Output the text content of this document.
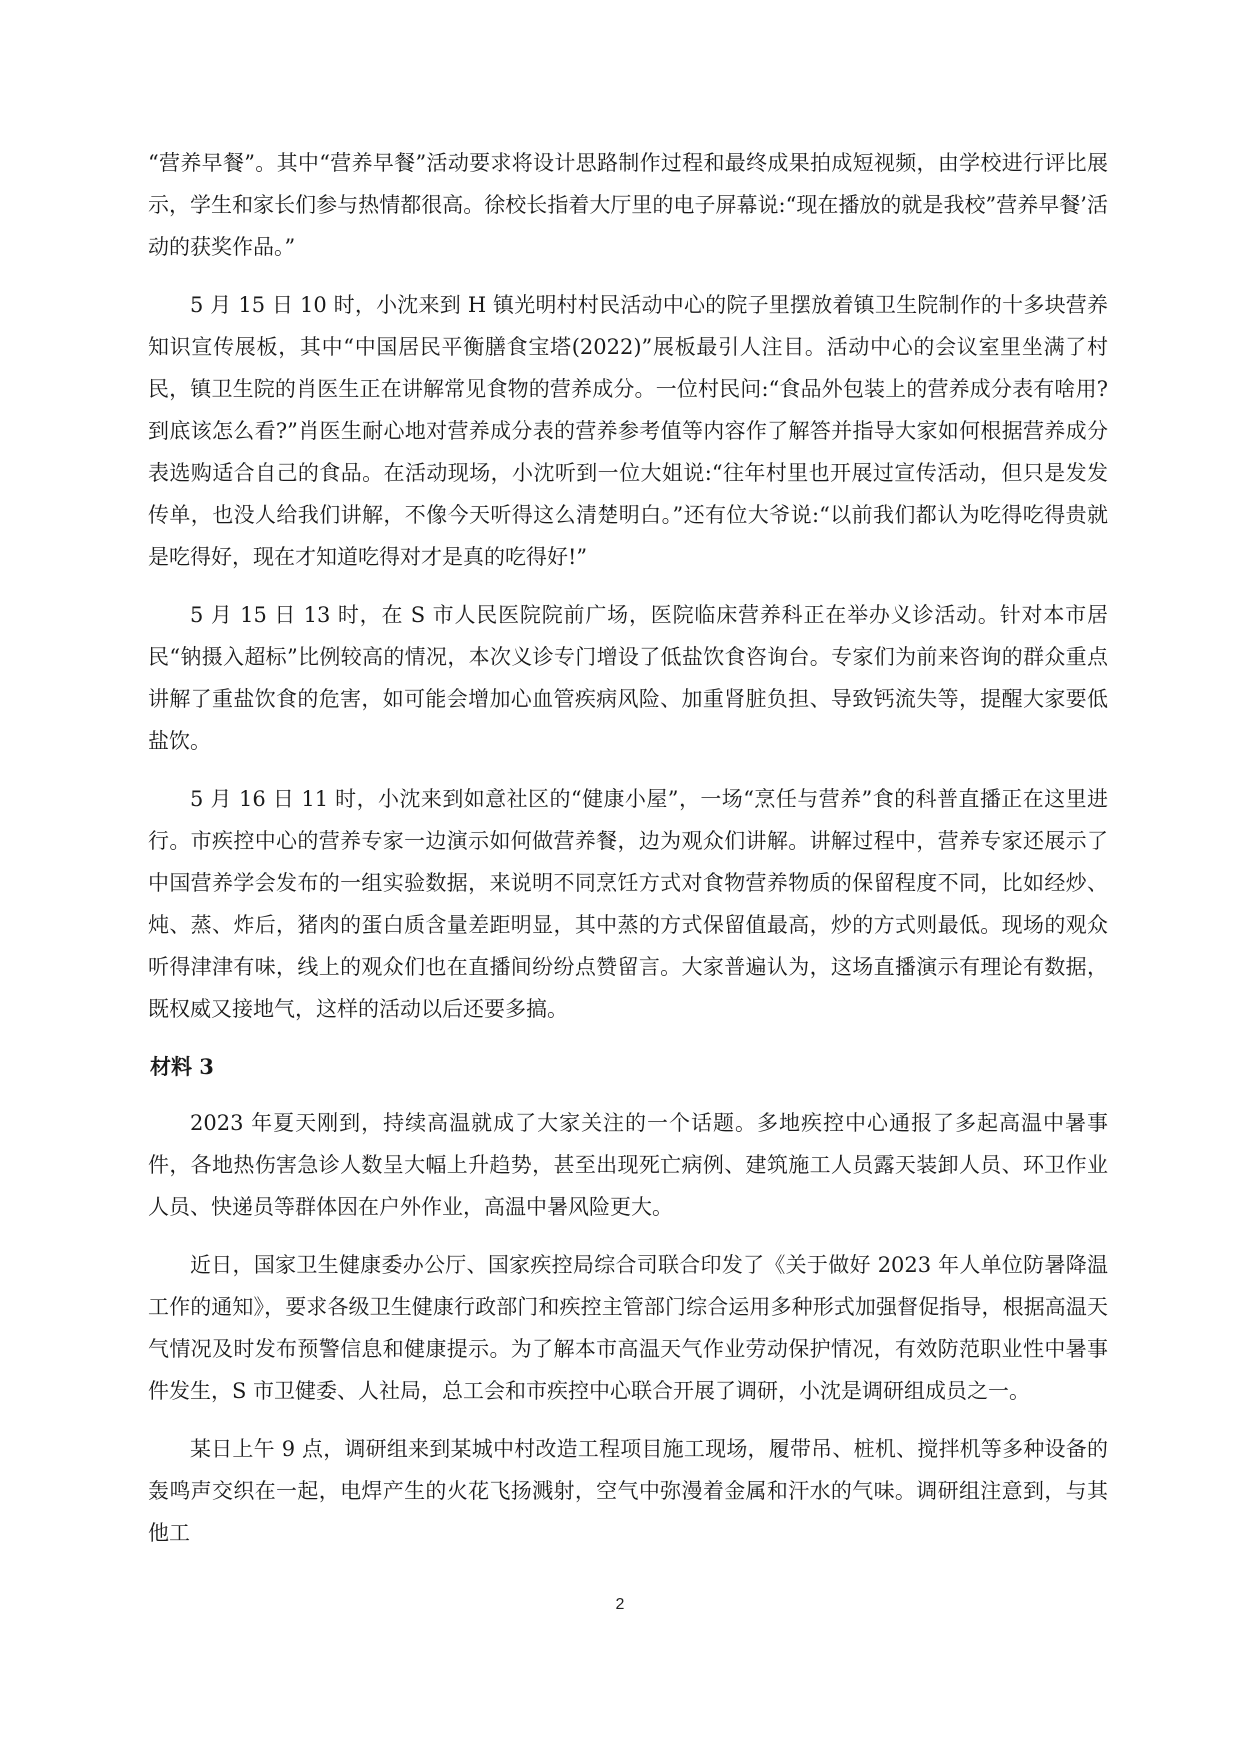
“营养早餐”。其中“营养早餐”活动要求将设计思路制作过程和最终成果拍成短视频，由学校进行评比展示，学生和家长们参与热情都很高。徐校长指着大厅里的电子屏幕说:“现在播放的就是我校”营养早餐’活动的获奖作品。”

5 月 15 日 10 时，小沈来到 H 镇光明村村民活动中心的院子里摆放着镇卫生院制作的十多块营养知识宣传展板，其中“中国居民平衡膳食宝塔(2022)”展板最引人注目。活动中心的会议室里坐满了村民，镇卫生院的肖医生正在讲解常见食物的营养成分。一位村民问:“食品外包装上的营养成分表有啥用?到底该怎么看?”肖医生耐心地对营养成分表的营养参考值等内容作了解答并指导大家如何根据营养成分表选购适合自己的食品。在活动现场，小沈听到一位大姐说:“往年村里也开展过宣传活动，但只是发发传单，也没人给我们讲解，不像今天听得这么清楚明白。”还有位大爷说:“以前我们都认为吃得吃得贵就是吃得好，现在才知道吃得对才是真的吃得好!”

5 月 15 日 13 时，在 S 市人民医院院前广场，医院临床营养科正在举办义诊活动。针对本市居民“钠摄入超标”比例较高的情况，本次义诊专门增设了低盐饮食咨询台。专家们为前来咨询的群众重点讲解了重盐饮食的危害，如可能会增加心血管疾病风险、加重肾脏负担、导致钙流失等，提醒大家要低盐饮。

5 月 16 日 11 时，小沈来到如意社区的“健康小屋”，一场“烹任与营养”食的科普直播正在这里进行。市疾控中心的营养专家一边演示如何做营养餐，边为观众们讲解。讲解过程中，营养专家还展示了中国营养学会发布的一组实验数据，来说明不同烹饪方式对食物营养物质的保留程度不同，比如经炒、炖、蒸、炸后，猪肉的蛋白质含量差距明显，其中蒸的方式保留值最高，炒的方式则最低。现场的观众听得津津有味，线上的观众们也在直播间纷纷点赞留言。大家普遍认为，这场直播演示有理论有数据，既权威又接地气，这样的活动以后还要多搞。

材料 3

2023 年夏天刚到，持续高温就成了大家关注的一个话题。多地疾控中心通报了多起高温中暑事件，各地热伤害急诊人数呈大幅上升趋势，甚至出现死亡病例、建筑施工人员露天装卸人员、环卫作业人员、快递员等群体因在户外作业，高温中暑风险更大。

近日，国家卫生健康委办公厅、国家疾控局综合司联合印发了《关于做好 2023 年人单位防暑降温工作的通知》，要求各级卫生健康行政部门和疾控主管部门综合运用多种形式加强督促指导，根据高温天气情况及时发布预警信息和健康提示。为了解本市高温天气作业劳动保护情况，有效防范职业性中暑事件发生，S 市卫健委、人社局，总工会和市疾控中心联合开展了调研，小沈是调研组成员之一。

某日上午 9 点，调研组来到某城中村改造工程项目施工现场，履带吊、桩机、搅拌机等多种设备的轰鸣声交织在一起，电焊产生的火花飞扬溅射，空气中弥漫着金属和汗水的气味。调研组注意到，与其他工

2
